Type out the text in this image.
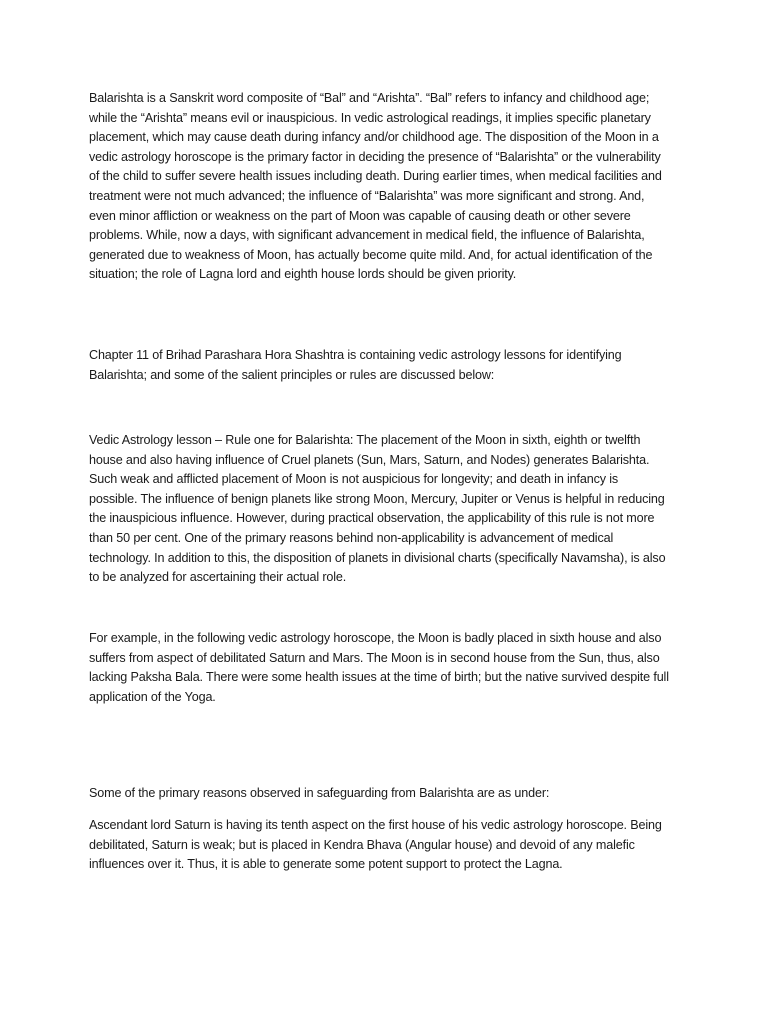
Balarishta is a Sanskrit word composite of “Bal” and “Arishta”. “Bal” refers to infancy and childhood age; while the “Arishta” means evil or inauspicious. In vedic astrological readings, it implies specific planetary placement, which may cause death during infancy and/or childhood age. The disposition of the Moon in a vedic astrology horoscope is the primary factor in deciding the presence of “Balarishta” or the vulnerability of the child to suffer severe health issues including death. During earlier times, when medical facilities and treatment were not much advanced; the influence of “Balarishta” was more significant and strong. And, even minor affliction or weakness on the part of Moon was capable of causing death or other severe problems. While, now a days, with significant advancement in medical field, the influence of Balarishta, generated due to weakness of Moon, has actually become quite mild. And, for actual identification of the situation; the role of Lagna lord and eighth house lords should be given priority.

Chapter 11 of Brihad Parashara Hora Shashtra is containing vedic astrology lessons for identifying Balarishta; and some of the salient principles or rules are discussed below:

Vedic Astrology lesson – Rule one for Balarishta: The placement of the Moon in sixth, eighth or twelfth house and also having influence of Cruel planets (Sun, Mars, Saturn, and Nodes) generates Balarishta. Such weak and afflicted placement of Moon is not auspicious for longevity; and death in infancy is possible. The influence of benign planets like strong Moon, Mercury, Jupiter or Venus is helpful in reducing the inauspicious influence. However, during practical observation, the applicability of this rule is not more than 50 per cent. One of the primary reasons behind non-applicability is advancement of medical technology. In addition to this, the disposition of planets in divisional charts (specifically Navamsha), is also to be analyzed for ascertaining their actual role.

For example, in the following vedic astrology horoscope, the Moon is badly placed in sixth house and also suffers from aspect of debilitated Saturn and Mars. The Moon is in second house from the Sun, thus, also lacking Paksha Bala. There were some health issues at the time of birth; but the native survived despite full application of the Yoga.

Some of the primary reasons observed in safeguarding from Balarishta are as under:

Ascendant lord Saturn is having its tenth aspect on the first house of his vedic astrology horoscope. Being debilitated, Saturn is weak; but is placed in Kendra Bhava (Angular house) and devoid of any malefic influences over it. Thus, it is able to generate some potent support to protect the Lagna.
